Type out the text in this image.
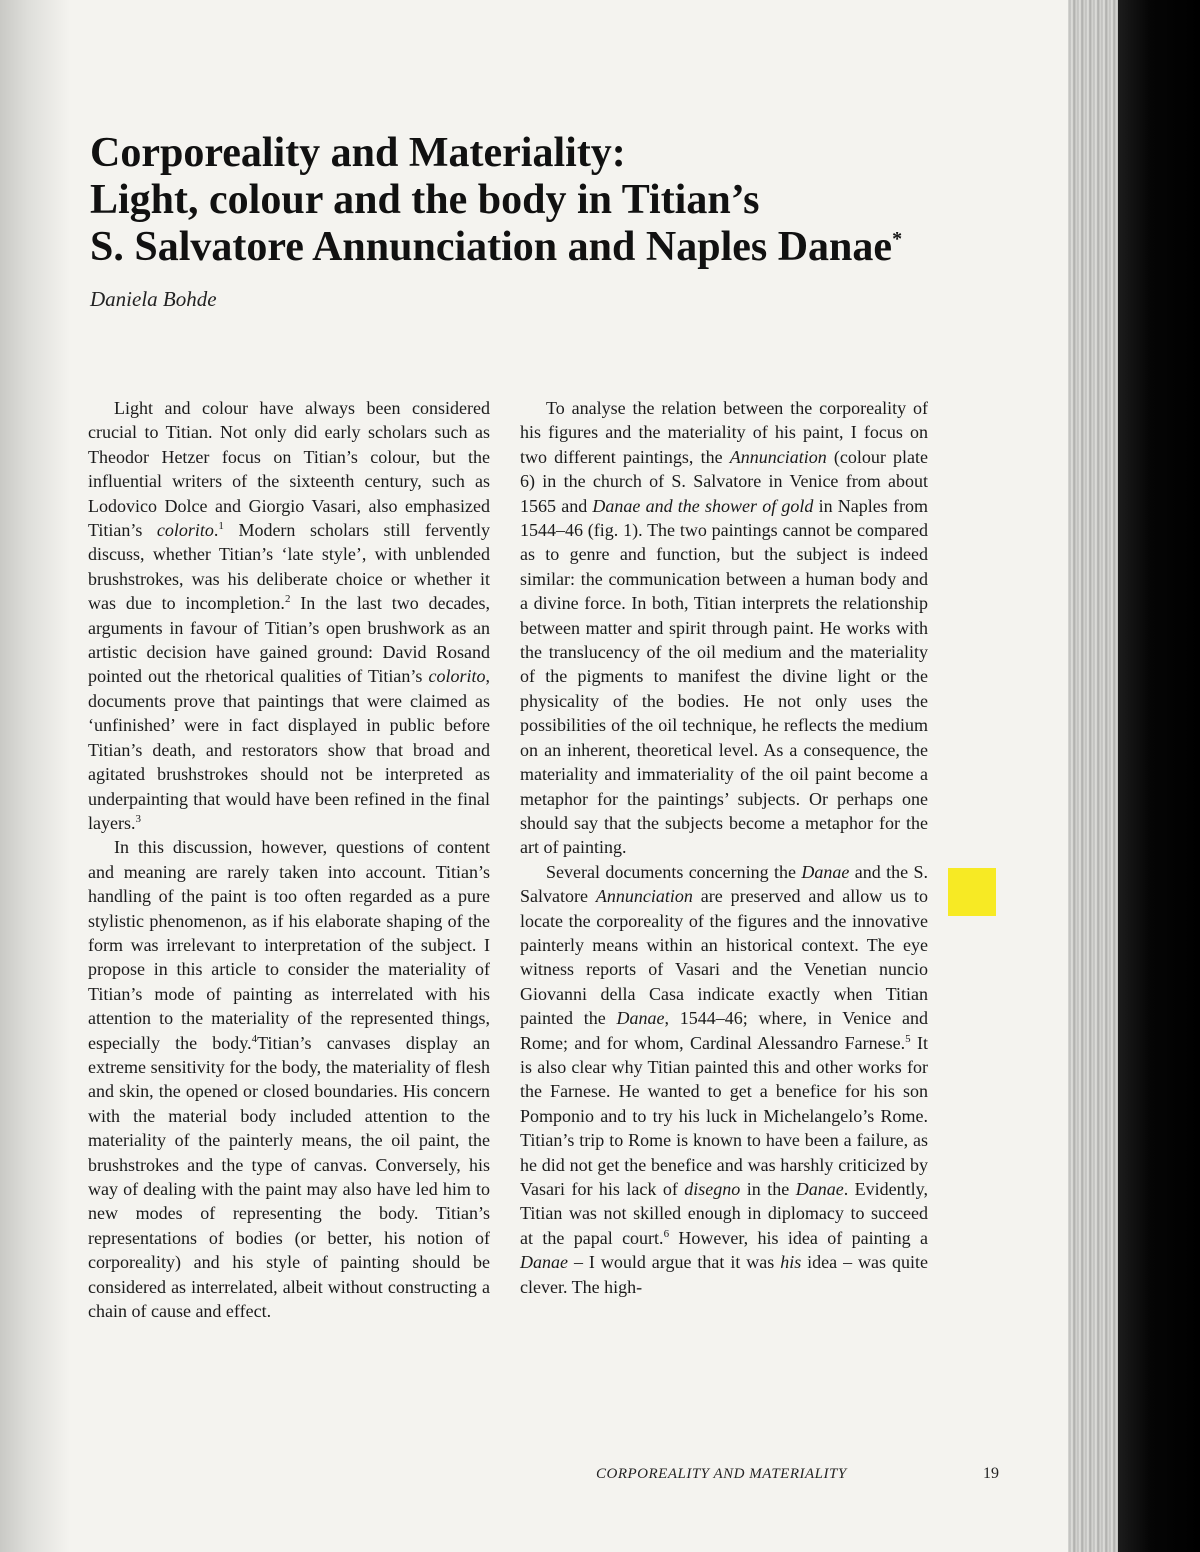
Corporeality and Materiality:
Light, colour and the body in Titian’s
S. Salvatore Annunciation and Naples Danae*

Daniela Bohde

Light and colour have always been considered crucial to Titian. Not only did early scholars such as Theodor Hetzer focus on Titian’s colour, but the influential writers of the sixteenth century, such as Lodovico Dolce and Giorgio Vasari, also emphasized Titian’s colorito.$^1$ Modern scholars still fervently discuss, whether Titian’s ‘late style’, with unblended brushstrokes, was his deliberate choice or whether it was due to incompletion.$^2$ In the last two decades, arguments in favour of Titian’s open brushwork as an artistic decision have gained ground: David Rosand pointed out the rhetorical qualities of Titian’s colorito, documents prove that paintings that were claimed as ‘unfinished’ were in fact displayed in public before Titian’s death, and restorators show that broad and agitated brushstrokes should not be interpreted as underpainting that would have been refined in the final layers.$^3$

In this discussion, however, questions of content and meaning are rarely taken into account. Titian’s handling of the paint is too often regarded as a pure stylistic phenomenon, as if his elaborate shaping of the form was irrelevant to interpretation of the subject. I propose in this article to consider the materiality of Titian’s mode of painting as interrelated with his attention to the materiality of the represented things, especially the body.$^4$Titian’s canvases display an extreme sensitivity for the body, the materiality of flesh and skin, the opened or closed boundaries. His concern with the material body included attention to the materiality of the painterly means, the oil paint, the brushstrokes and the type of canvas. Conversely, his way of dealing with the paint may also have led him to new modes of representing the body. Titian’s representations of bodies (or better, his notion of corporeality) and his style of painting should be considered as interrelated, albeit without constructing a chain of cause and effect.

To analyse the relation between the corporeality of his figures and the materiality of his paint, I focus on two different paintings, the Annunciation (colour plate 6) in the church of S. Salvatore in Venice from about 1565 and Danae and the shower of gold in Naples from 1544–46 (fig. 1). The two paintings cannot be compared as to genre and function, but the subject is indeed similar: the communication between a human body and a divine force. In both, Titian interprets the relationship between matter and spirit through paint. He works with the translucency of the oil medium and the materiality of the pigments to manifest the divine light or the physicality of the bodies. He not only uses the possibilities of the oil technique, he reflects the medium on an inherent, theoretical level. As a consequence, the materiality and immateriality of the oil paint become a metaphor for the paintings’ subjects. Or perhaps one should say that the subjects become a metaphor for the art of painting.

Several documents concerning the Danae and the S. Salvatore Annunciation are preserved and allow us to locate the corporeality of the figures and the innovative painterly means within an historical context. The eye witness reports of Vasari and the Venetian nuncio Giovanni della Casa indicate exactly when Titian painted the Danae, 1544–46; where, in Venice and Rome; and for whom, Cardinal Alessandro Farnese.$^5$ It is also clear why Titian painted this and other works for the Farnese. He wanted to get a benefice for his son Pomponio and to try his luck in Michelangelo’s Rome. Titian’s trip to Rome is known to have been a failure, as he did not get the benefice and was harshly criticized by Vasari for his lack of disegno in the Danae. Evidently, Titian was not skilled enough in diplomacy to succeed at the papal court.$^6$ However, his idea of painting a Danae – I would argue that it was his idea – was quite clever. The high-

CORPOREALITY AND MATERIALITY	19
